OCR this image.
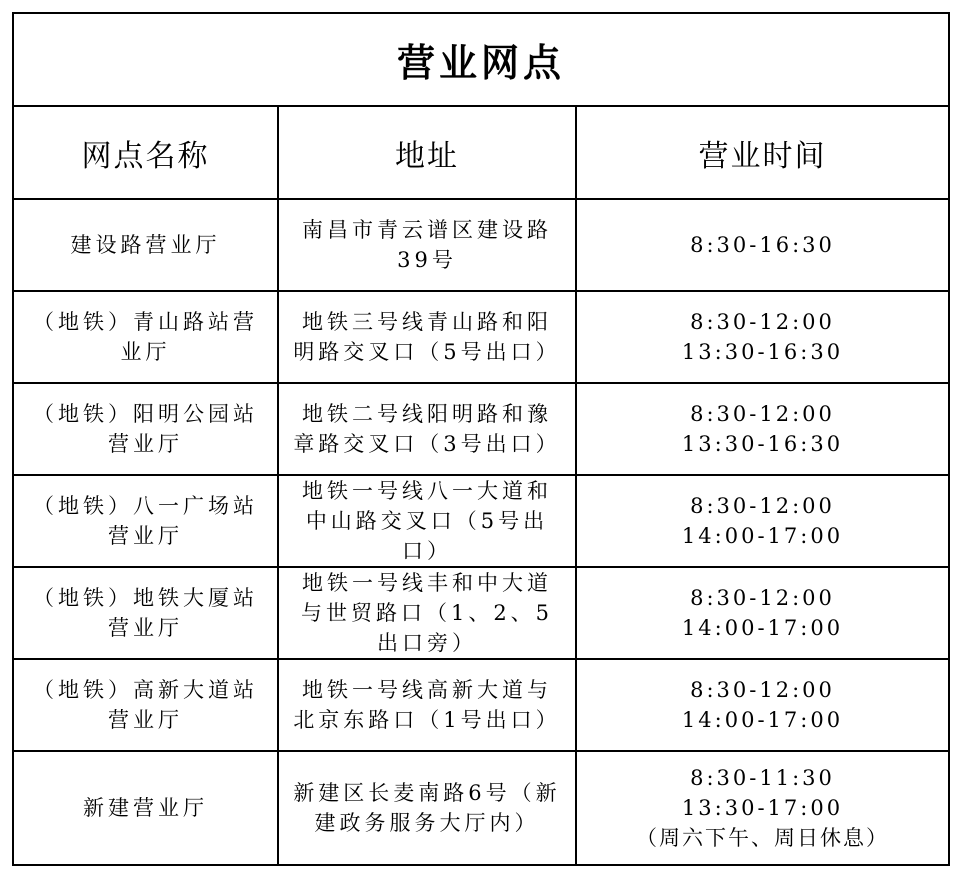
营业网点		
网点名称	地址	营业时间
建设路营业厅	南昌市青云谱区建设路39号	8:30-16:30

（地铁）青山路站营业厅	地铁三号线青山路和阳明路交叉口（5号出口）	8:30-12:00
13:30-16:30

（地铁）阳明公园站营业厅	地铁二号线阳明路和豫章路交叉口（3号出口）	8:30-12:00
13:30-16:30

（地铁）八一广场站营业厅	地铁一号线八一大道和中山路交叉口（5号出口）	8:30-12:00
14:00-17:00

（地铁）地铁大厦站营业厅	地铁一号线丰和中大道与世贸路口（1、2、5出口旁）	8:30-12:00
14:00-17:00

（地铁）高新大道站营业厅	地铁一号线高新大道与北京东路口（1号出口）	8:30-12:00
14:00-17:00

新建营业厅	新建区长麦南路6号（新建政务服务大厅内）	8:30-11:30
13:30-17:00
（周六下午、周日休息）
